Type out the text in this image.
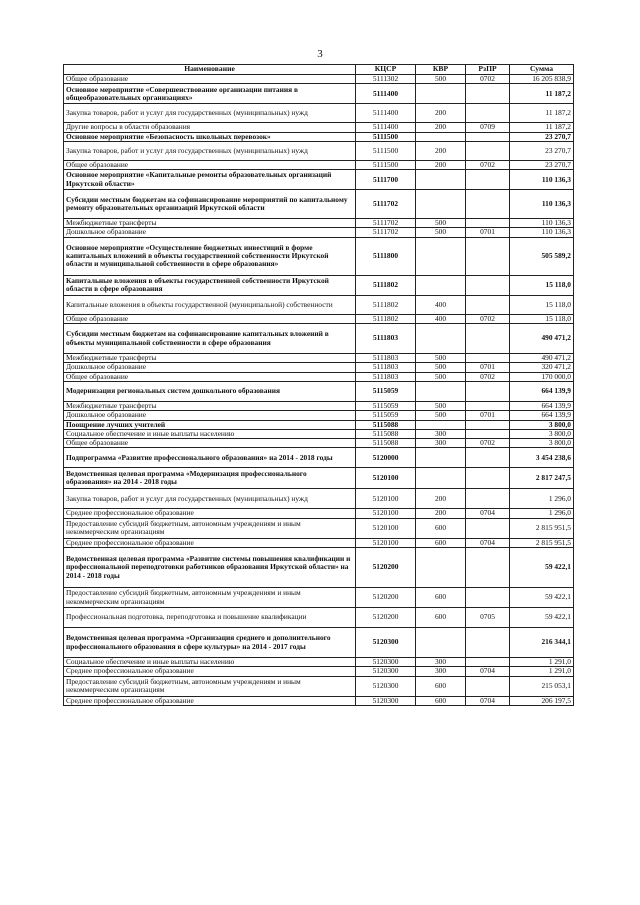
3
Наименование	КЦСР	КВР	РзПР	Сумма
Общее образование	5111302	500	0702	16 205 838,9
Основное мероприятие «Совершенствование организации питания в общеобразовательных организациях»	5111400			11 187,2
Закупка товаров, работ и услуг для государственных (муниципальных) нужд	5111400	200		11 187,2
Другие вопросы в области образования	5111400	200	0709	11 187,2
Основное мероприятие «Безопасность школьных перевозок»	5111500			23 270,7
Закупка товаров, работ и услуг для государственных (муниципальных) нужд	5111500	200		23 270,7
Общее образование	5111500	200	0702	23 270,7
Основное мероприятие «Капитальные ремонты образовательных организаций Иркутской области»	5111700			110 136,3
Субсидии местным бюджетам на софинансирование мероприятий по капитальному ремонту образовательных организаций Иркутской области	5111702			110 136,3
Межбюджетные трансферты	5111702	500		110 136,3
Дошкольное образование	5111702	500	0701	110 136,3
Основное мероприятие «Осуществление бюджетных инвестиций в форме капитальных вложений в объекты государственной собственности Иркутской области и муниципальной собственности в сфере образования»	5111800			505 589,2
Капитальные вложения в объекты государственной собственности Иркутской области в сфере образования	5111802			15 118,0
Капитальные вложения в объекты государственной (муниципальной) собственности	5111802	400		15 118,0
Общее образование	5111802	400	0702	15 118,0
Субсидии местным бюджетам на софинансирование капитальных вложений в объекты муниципальной собственности в сфере образования	5111803			490 471,2
Межбюджетные трансферты	5111803	500		490 471,2
Дошкольное образование	5111803	500	0701	320 471,2
Общее образование	5111803	500	0702	170 000,0
Модернизация региональных систем дошкольного образования	5115059			664 139,9
Межбюджетные трансферты	5115059	500		664 139,9
Дошкольное образование	5115059	500	0701	664 139,9
Поощрение лучших учителей	5115088			3 800,0
Социальное обеспечение и иные выплаты населению	5115088	300		3 800,0
Общее образование	5115088	300	0702	3 800,0
Подпрограмма «Развитие профессионального образования» на 2014 - 2018 годы	5120000			3 454 238,6
Ведомственная целевая программа «Модернизация профессионального образования» на 2014 - 2018 годы	5120100			2 817 247,5
Закупка товаров, работ и услуг для государственных (муниципальных) нужд	5120100	200		1 296,0
Среднее профессиональное образование	5120100	200	0704	1 296,0
Предоставление субсидий бюджетным, автономным учреждениям и иным некоммерческим организациям	5120100	600		2 815 951,5
Среднее профессиональное образование	5120100	600	0704	2 815 951,5
Ведомственная целевая программа «Развитие системы повышения квалификации и профессиональной переподготовки работников образования Иркутской области» на 2014 - 2018 годы	5120200			59 422,1
Предоставление субсидий бюджетным, автономным учреждениям и иным некоммерческим организациям	5120200	600		59 422,1
Профессиональная подготовка, переподготовка и повышение квалификации	5120200	600	0705	59 422,1
Ведомственная целевая программа «Организация среднего и дополнительного профессионального образования в сфере культуры» на 2014 - 2017 годы	5120300			216 344,1
Социальное обеспечение и иные выплаты населению	5120300	300		1 291,0
Среднее профессиональное образование	5120300	300	0704	1 291,0
Предоставление субсидий бюджетным, автономным учреждениям и иным некоммерческим организациям	5120300	600		215 053,1
Среднее профессиональное образование	5120300	600	0704	206 197,5
